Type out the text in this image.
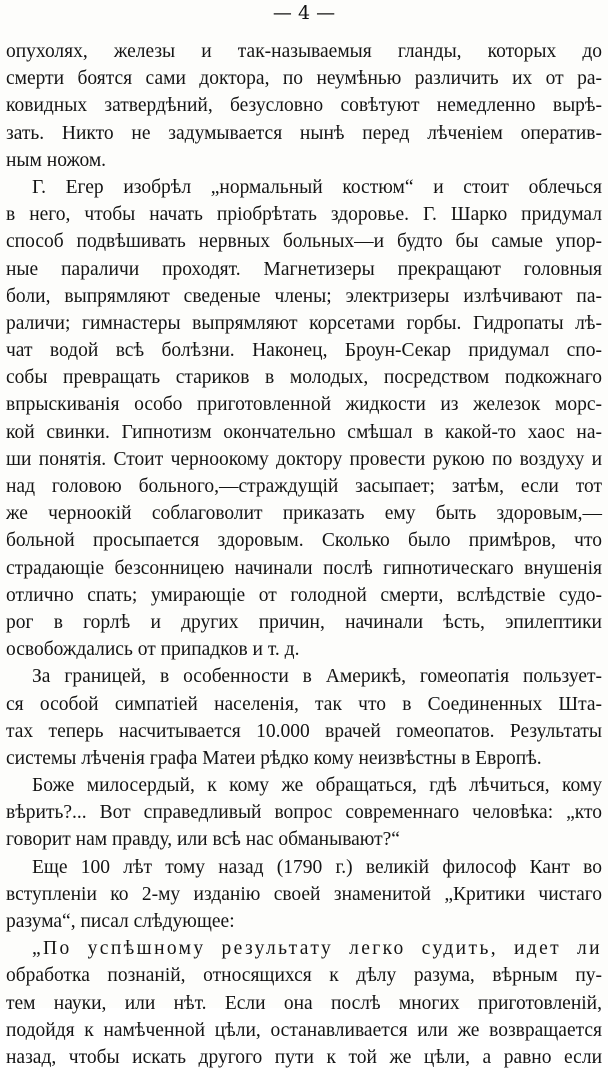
— 4 —
опухолях, железы и так-называемыя гланды, которых до
смерти боятся сами доктора, по неумѣнью различить их от ра-
ковидных затвердѣний, безусловно совѣтуют немедленно вырѣ-
зать. Никто не задумывается нынѣ перед лѣченіем оператив-
ным ножом.
Г. Егер изобрѣл „нормальный костюм“ и стоит облечься
в него, чтобы начать пріобрѣтать здоровье. Г. Шарко придумал
способ подвѣшивать нервных больных—и будто бы самые упор-
ные параличи проходят. Магнетизеры прекращают головныя
боли, выпрямляют сведеные члены; электризеры излѣчивают па-
раличи; гимнастеры выпрямляют корсетами горбы. Гидропаты лѣ-
чат водой всѣ болѣзни. Наконец, Броун-Секар придумал спо-
собы превращать стариков в молодых, посредством подкожнаго
впрыскиванія особо приготовленной жидкости из железок морс-
кой свинки. Гипнотизм окончательно смѣшал в какой-то хаос на-
ши понятія. Стоит черноокому доктору провести рукою по воздуху и
над головою больного,—страждущій засыпает; затѣм, если тот
же черноокій соблаговолит приказать ему быть здоровым,—
больной просыпается здоровым. Сколько было примѣров, что
страдающіе безсонницею начинали послѣ гипнотическаго внушенія
отлично спать; умирающіе от голодной смерти, вслѣдствіе судо-
рог в горлѣ и других причин, начинали ѣсть, эпилептики
освобождались от припадков и т. д.
За границей, в особенности в Америкѣ, гомеопатія пользует-
ся особой симпатіей населенія, так что в Соединенных Шта-
тах теперь насчитывается 10.000 врачей гомеопатов. Результаты
системы лѣченія графа Матеи рѣдко кому неизвѣстны в Европѣ.
Боже милосердый, к кому же обращаться, гдѣ лѣчиться, кому
вѣрить?... Вот справедливый вопрос современнаго человѣка: „кто
говорит нам правду, или всѣ нас обманывают?“
Еще 100 лѣт тому назад (1790 г.) великій философ Кант во
вступленіи ко 2-му изданію своей знаменитой „Критики чистаго
разума“, писал слѣдующее:
„По успѣшному результату легко судить, идет ли
обработка познаній, относящихся к дѣлу разума, вѣрным пу-
тем науки, или нѣт. Если она послѣ многих приготовленій,
подойдя к намѣченной цѣли, останавливается или же возвращается
назад, чтобы искать другого пути к той же цѣли, а равно если
